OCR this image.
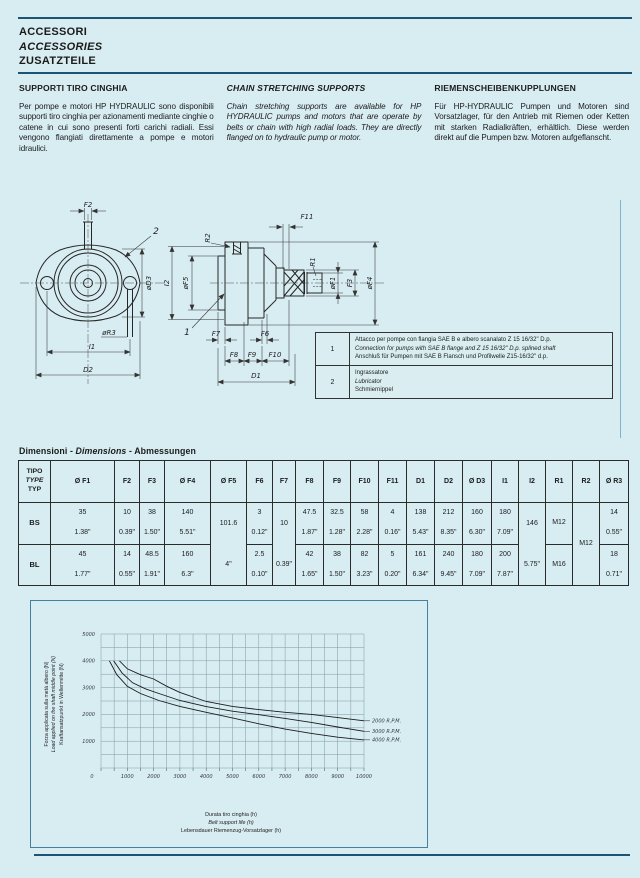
ACCESSORI
ACCESSORIES
ZUSATZTEILE
SUPPORTI TIRO CINGHIA

Per pompe e motori HP HYDRAULIC sono disponibili supporti tiro cinghia per azionamenti mediante cinghie o catene in cui sono presenti forti carichi radiali. Essi vengono flangiati direttamente a pompe e motori idraulici.

CHAIN STRETCHING SUPPORTS

Chain stretching supports are available for HP HYDRAULIC pumps and motors that are operate by belts or chain with high radial loads. They are directly flanged on to hydraulic pump or motor.

RIEMENSCHEIBENKUPPLUNGEN

Für HP-HYDRAULIC Pumpen und Motoren sind Vorsatzlager, für den Antrieb mit Riemen oder Ketten mit starken Radialkräften, erhältlich. Diese werden direkt auf die Pumpen bzw. Motoren aufgeflanscht.

F2
2
øD3
øR3
I1
D2
F11
R2
I2 øF5
R1
øF1 F3 øF4
1	F7	F6
F8 F9 F10
D1
1
Attacco per pompe con flangia SAE B e albero scanalato Z 15 16/32" D.p.
Connection for pumps with SAE B flange and Z 15 16/32" D.p. splined shaft
Anschluß für Pumpen mit SAE B Flansch und Profilwelle Z15-16/32" d.p.
2
Ingrassatore
Lubricator
Schmiernippel
Dimensioni - Dimensions - Abmessungen
TIPO
TYPE
TYP	Ø F1	F2	F3	Ø F4	Ø F5	F6	F7	F8	F9	F10	F11	D1	D2	Ø D3	I1	I2	R1	R2	Ø R3
BS	35
1.38"	10
0.39"	38
1.50"	140
5.51"	101.6
4"	3
0.12"	10
0.39"	47.5
1.87"	32.5
1.28"	58
2.28"	4
0.16"	138
5.43"	212
8.35"	160
6.30"	180
7.09"	146
5.75"	M12	M12	14
0.55"

BL	45
1.77"	14
0.55"	48.5
1.91"	160
6.3"		2.5
0.10"		42
1.65"	38
1.50"	82
3.23"	5
0.20"	161
6.34"	240
9.45"	180
7.09"	200
7.87"		M16		18
0.71"
1000	2000	3000	4000	5000	6000	7000	8000	9000 10000
0
1000
2000
3000
4000
5000
2000 R.P.M.
3000 R.P.M.
4000 R.P.M.
Forza applicata sulla metà albero (N) Load applied on the shaft middle point (N) Kraftansatzpunkt in Wellenmitte (N)
Durata tiro cinghia (h)
Belt support life (h)
Lebensdauer Riemenzug-Vorsatzlager (h)
